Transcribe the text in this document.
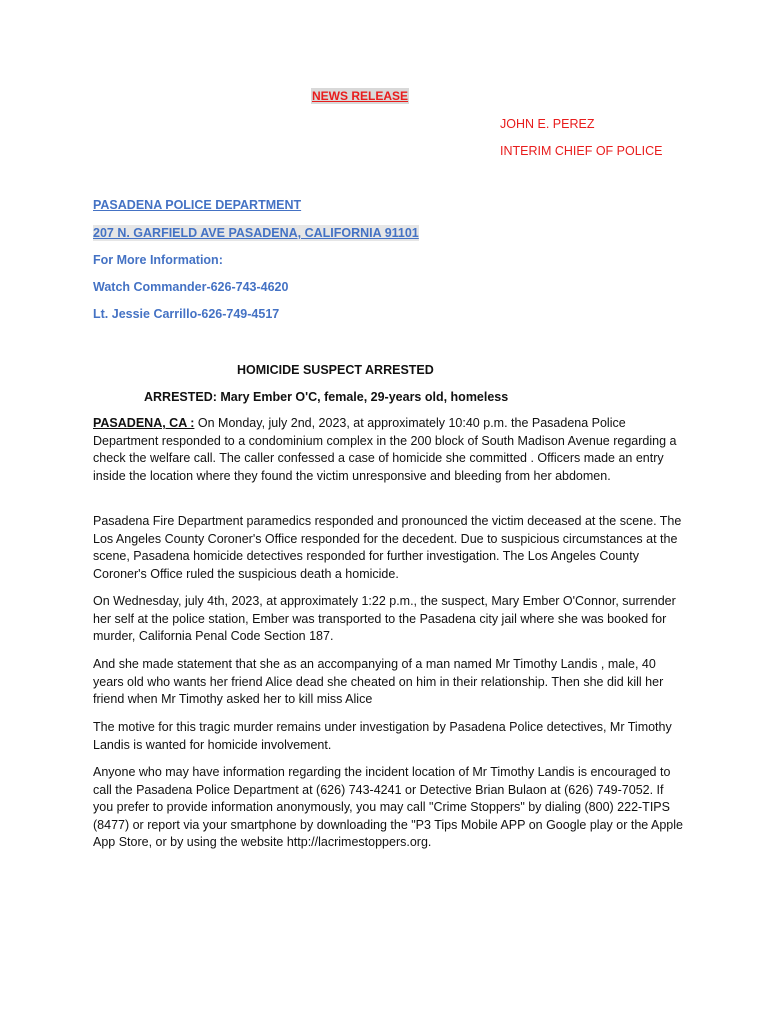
NEWS RELEASE
JOHN E. PEREZ
INTERIM CHIEF OF POLICE
PASADENA POLICE DEPARTMENT
207 N. GARFIELD AVE PASADENA, CALIFORNIA 91101
For More Information:
Watch Commander-626-743-4620
Lt. Jessie Carrillo-626-749-4517
HOMICIDE SUSPECT ARRESTED
ARRESTED: Mary Ember O'C, female, 29-years old, homeless

PASADENA, CA : On Monday, july 2nd, 2023, at approximately 10:40 p.m. the Pasadena Police Department responded to a condominium complex in the 200 block of South Madison Avenue regarding a check the welfare call. The caller confessed a case of homicide she committed . Officers made an entry inside the location where they found the victim unresponsive and bleeding from her abdomen.

Pasadena Fire Department paramedics responded and pronounced the victim deceased at the scene. The Los Angeles County Coroner's Office responded for the decedent. Due to suspicious circumstances at the scene, Pasadena homicide detectives responded for further investigation. The Los Angeles County Coroner's Office ruled the suspicious death a homicide.

On Wednesday, july 4th, 2023, at approximately 1:22 p.m., the suspect, Mary Ember O'Connor, surrender her self at the police station, Ember was transported to the Pasadena city jail where she was booked for murder, California Penal Code Section 187.

And she made statement that she as an accompanying of a man named Mr Timothy Landis , male, 40 years old who wants her friend Alice dead she cheated on him in their relationship. Then she did kill her friend when Mr Timothy asked her to kill miss Alice

The motive for this tragic murder remains under investigation by Pasadena Police detectives, Mr Timothy Landis is wanted for homicide involvement.

Anyone who may have information regarding the incident location of Mr Timothy Landis is encouraged to call the Pasadena Police Department at (626) 743-4241 or Detective Brian Bulaon at (626) 749-7052. If you prefer to provide information anonymously, you may call "Crime Stoppers" by dialing (800) 222-TIPS (8477) or report via your smartphone by downloading the "P3 Tips Mobile APP on Google play or the Apple App Store, or by using the website http://lacrimestoppers.org.
